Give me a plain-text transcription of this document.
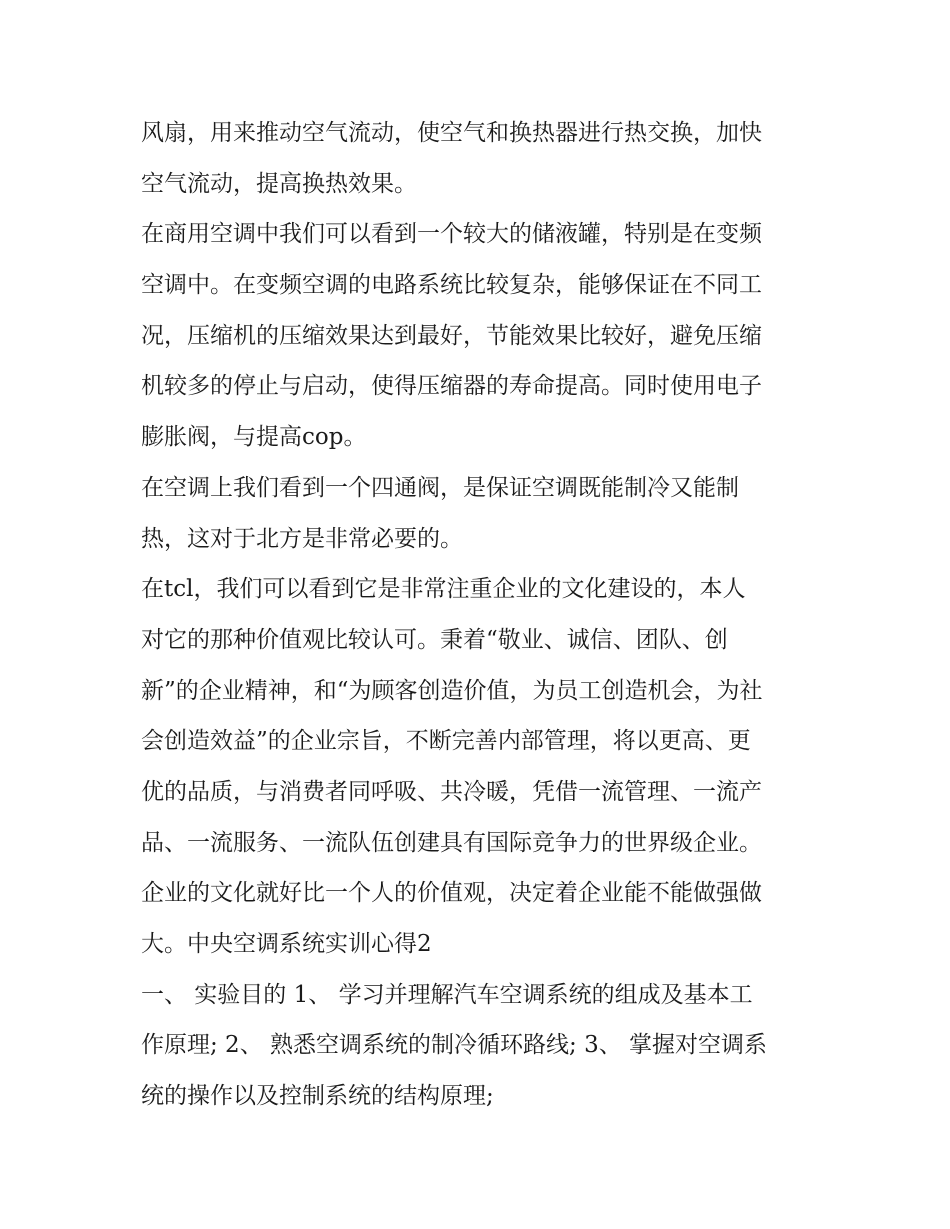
风扇，用来推动空气流动，使空气和换热器进行热交换，加快
空气流动，提高换热效果。
在商用空调中我们可以看到一个较大的储液罐，特别是在变频
空调中。在变频空调的电路系统比较复杂，能够保证在不同工
况，压缩机的压缩效果达到最好，节能效果比较好，避免压缩
机较多的停止与启动，使得压缩器的寿命提高。同时使用电子
膨胀阀，与提高cop。
在空调上我们看到一个四通阀，是保证空调既能制冷又能制
热，这对于北方是非常必要的。
在tcl，我们可以看到它是非常注重企业的文化建设的，本人
对它的那种价值观比较认可。秉着“敬业、诚信、团队、创
新”的企业精神，和“为顾客创造价值，为员工创造机会，为社
会创造效益”的企业宗旨，不断完善内部管理，将以更高、更
优的品质，与消费者同呼吸、共冷暖，凭借一流管理、一流产
品、一流服务、一流队伍创建具有国际竞争力的世界级企业。
企业的文化就好比一个人的价值观，决定着企业能不能做强做
大。中央空调系统实训心得2
一、 实验目的 1、 学习并理解汽车空调系统的组成及基本工
作原理; 2、 熟悉空调系统的制冷循环路线; 3、 掌握对空调系
统的操作以及控制系统的结构原理;
